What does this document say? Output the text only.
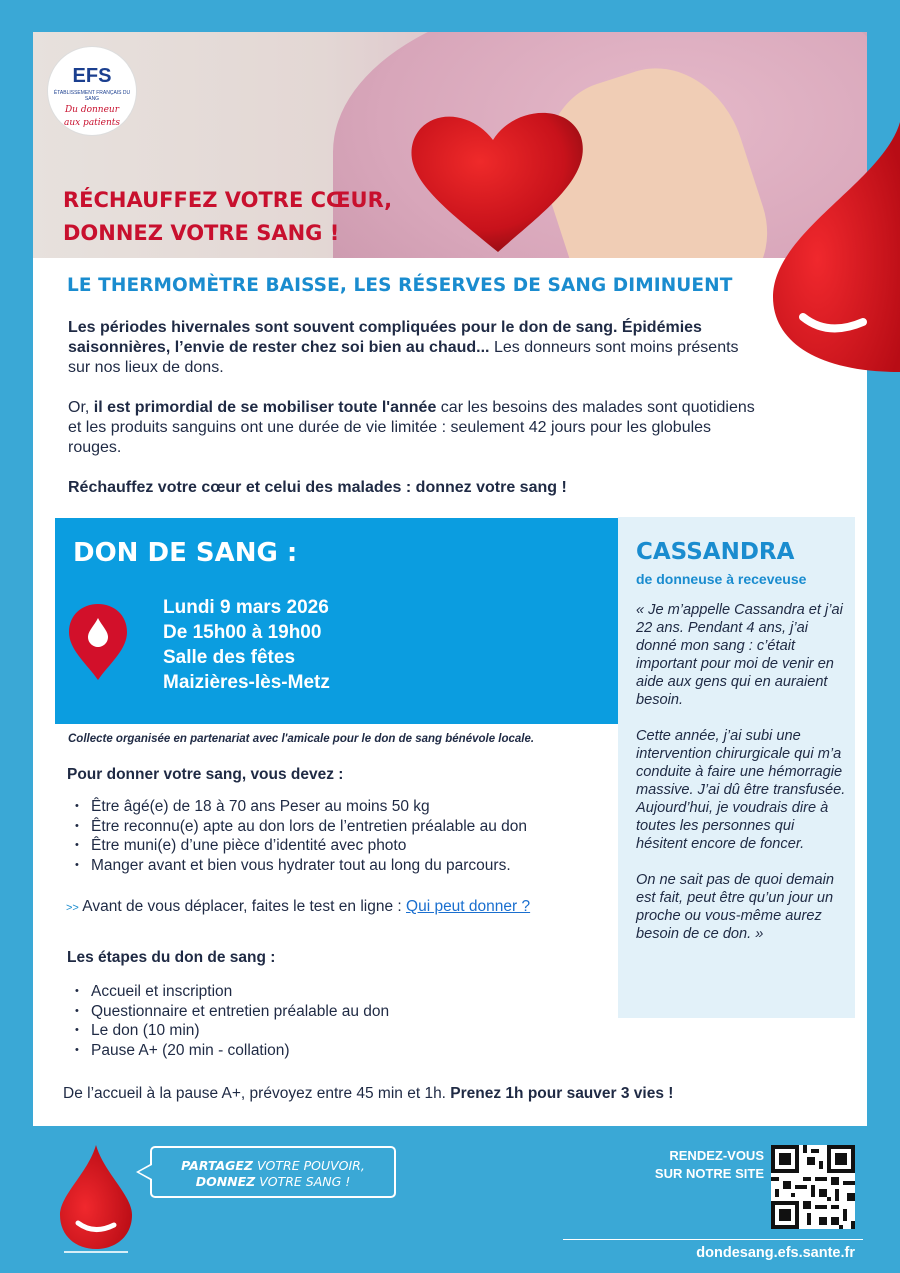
EFS
ÉTABLISSEMENT FRANÇAIS DU SANG
Du donneur
aux patients
RÉCHAUFFEZ VOTRE CŒUR,
DONNEZ VOTRE SANG !
LE THERMOMÈTRE BAISSE, LES RÉSERVES DE SANG DIMINUENT

Les périodes hivernales sont souvent compliquées pour le don de sang. Épidémies saisonnières, l’envie de rester chez soi bien au chaud... Les donneurs sont moins présents sur nos lieux de dons.

Or, il est primordial de se mobiliser toute l'année car les besoins des malades sont quotidiens et les produits sanguins ont une durée de vie limitée : seulement 42 jours pour les globules rouges.

Réchauffez votre cœur et celui des malades : donnez votre sang !

DON DE SANG :
Lundi 9 mars 2026
De 15h00 à 19h00
Salle des fêtes
Maizières-lès-Metz
CASSANDRA
de donneuse à receveuse

« Je m’appelle Cassandra et j’ai 22 ans. Pendant 4 ans, j’ai donné mon sang : c’était important pour moi de venir en aide aux gens qui en auraient besoin.

Cette année, j’ai subi une intervention chirurgicale qui m’a conduite à faire une hémorragie massive. J’ai dû être transfusée. Aujourd’hui, je voudrais dire à toutes les personnes qui hésitent encore de foncer.

On ne sait pas de quoi demain est fait, peut être qu’un jour un proche ou vous-même aurez besoin de ce don. »

Collecte organisée en partenariat avec l'amicale pour le don de sang bénévole locale.
Pour donner votre sang, vous devez :
• Être âgé(e) de 18 à 70 ans Peser au moins 50 kg
• Être reconnu(e) apte au don lors de l’entretien préalable au don
• Être muni(e) d’une pièce d’identité avec photo
• Manger avant et bien vous hydrater tout au long du parcours.
>> Avant de vous déplacer, faites le test en ligne : Qui peut donner ?
Les étapes du don de sang :
• Accueil et inscription
• Questionnaire et entretien préalable au don
• Le don (10 min)
• Pause A+ (20 min - collation)
De l’accueil à la pause A+, prévoyez entre 45 min et 1h. Prenez 1h pour sauver 3 vies !
PARTAGEZ VOTRE POUVOIR,
DONNEZ VOTRE SANG !
RENDEZ-VOUS
SUR NOTRE SITE
dondesang.efs.sante.fr
